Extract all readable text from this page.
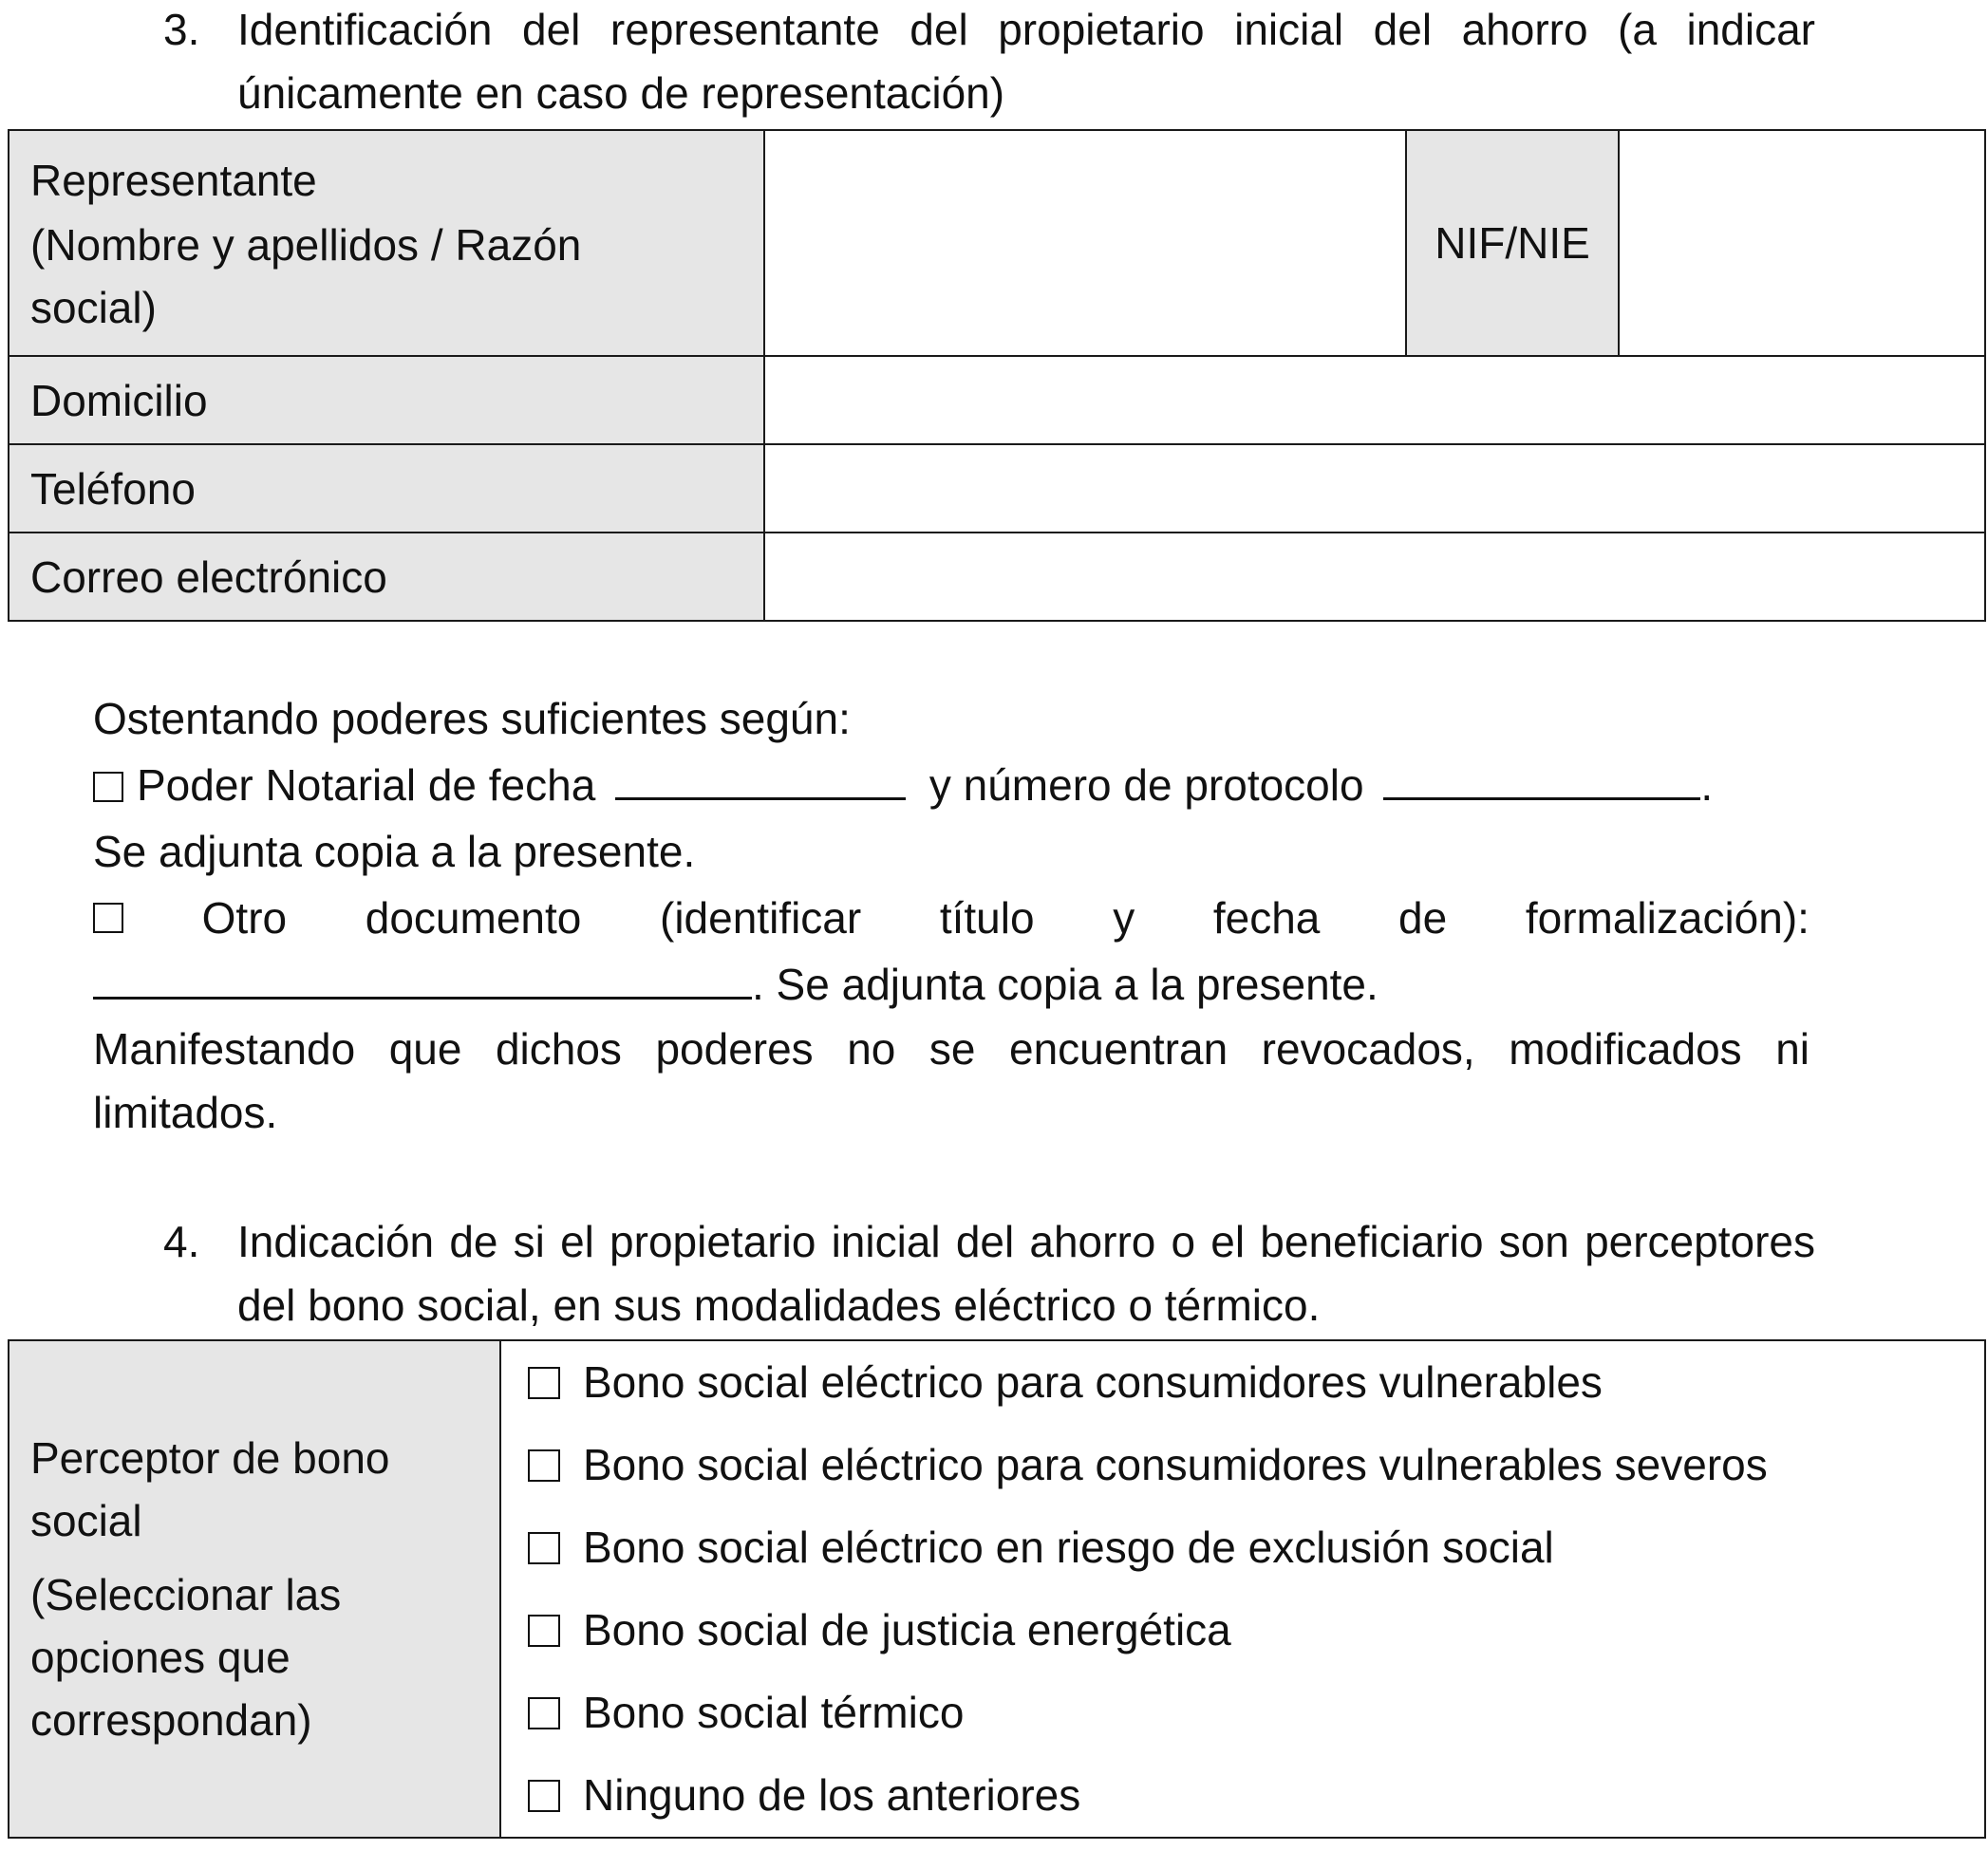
3. Identificación del representante del propietario inicial del ahorro (a indicar únicamente en caso de representación)
Representante
(Nombre y apellidos / Razón social)		NIF/NIE	
Domicilio			
Teléfono			
Correo electrónico			

Ostentando poderes suficientes según:

Poder Notarial de fecha	y número de protocolo	.

Se adjunta copia a la presente.

Otro documento (identificar título y fecha de formalización):

. Se adjunta copia a la presente.

Manifestando que dichos poderes no se encuentran revocados, modificados ni limitados.

4. Indicación de si el propietario inicial del ahorro o el beneficiario son perceptores del bono social, en sus modalidades eléctrico o térmico.
Perceptor de bono social
(Seleccionar las opciones que correspondan)

Bono social eléctrico para consumidores vulnerables
Bono social eléctrico para consumidores vulnerables severos
Bono social eléctrico en riesgo de exclusión social
Bono social de justicia energética
Bono social térmico
Ninguno de los anteriores
